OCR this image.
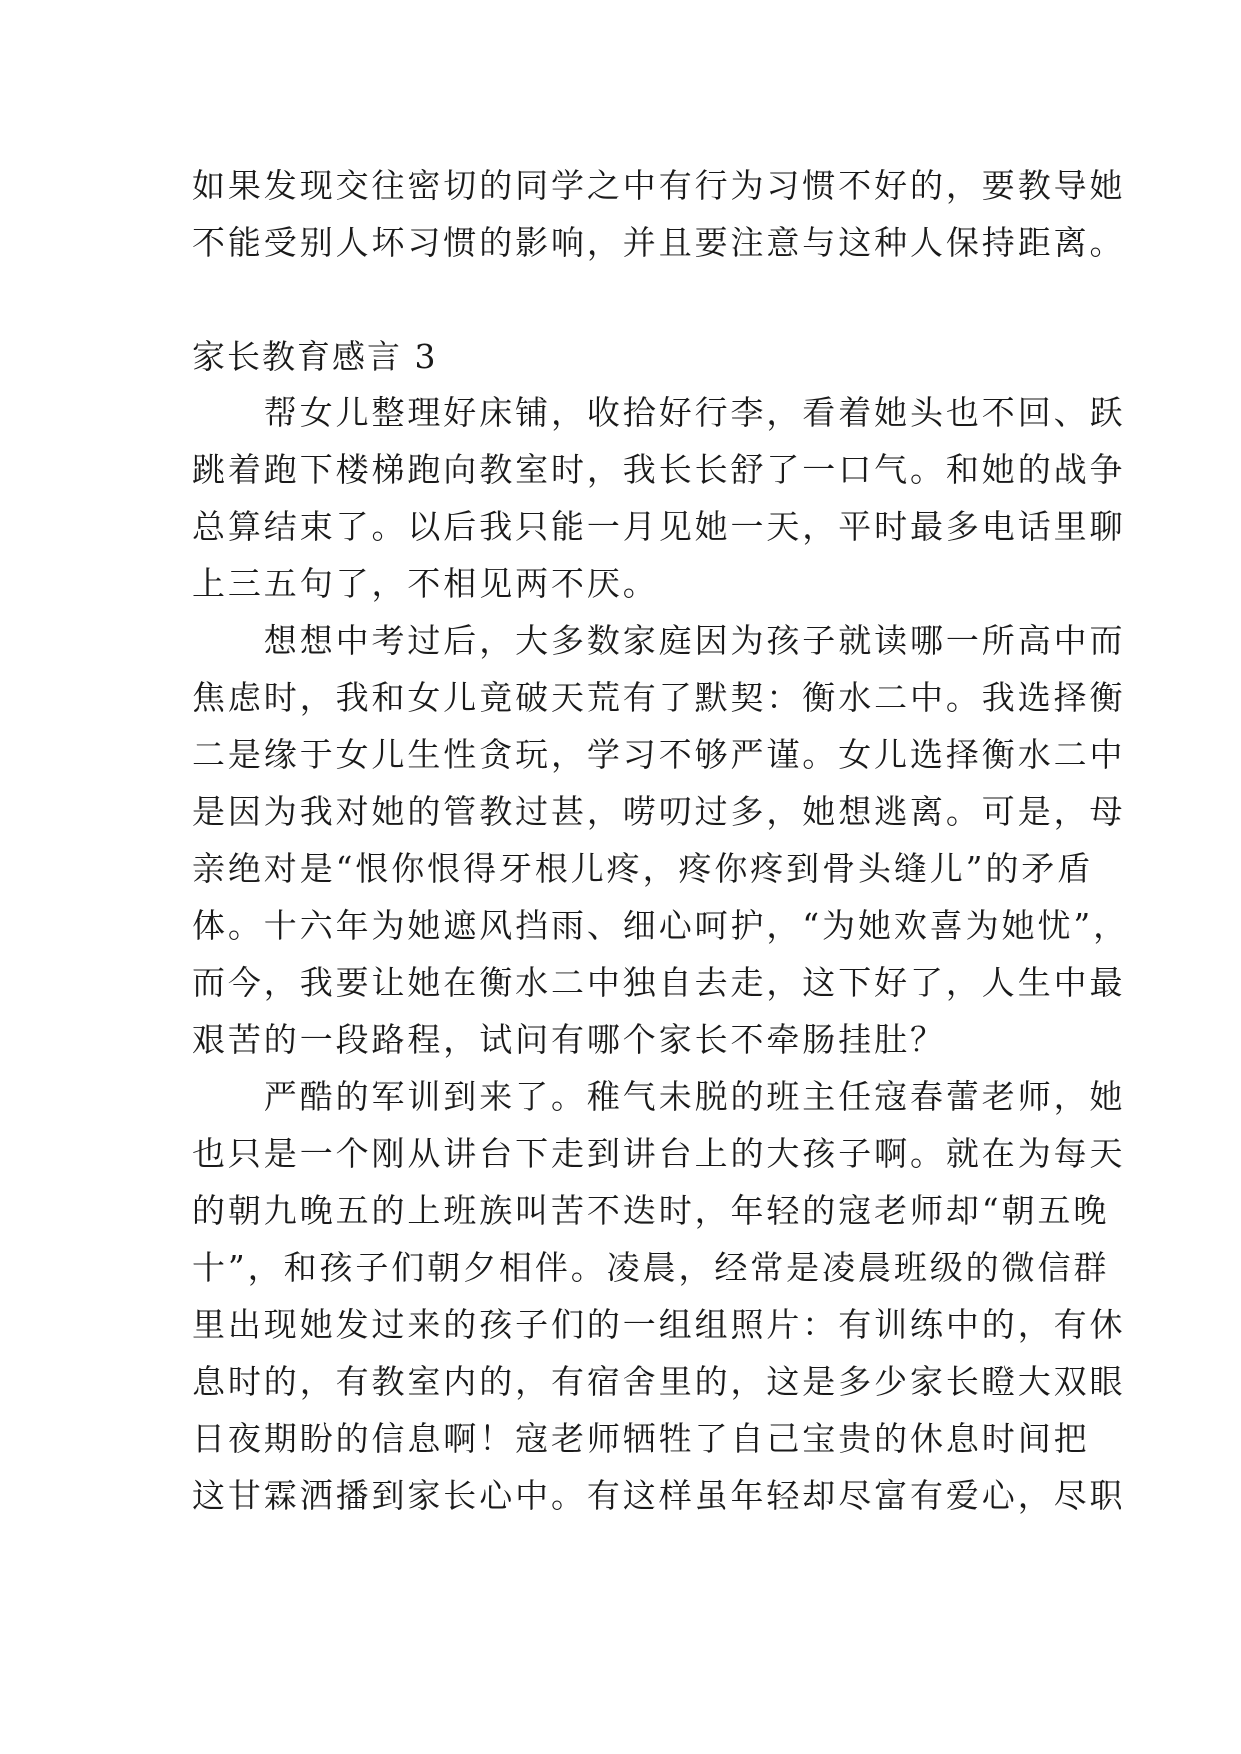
如果发现交往密切的同学之中有行为习惯不好的，要教导她
不能受别人坏习惯的影响，并且要注意与这种人保持距离。
家长教育感言 3
　　帮女儿整理好床铺，收拾好行李，看着她头也不回、跃
跳着跑下楼梯跑向教室时，我长长舒了一口气。和她的战争
总算结束了。以后我只能一月见她一天，平时最多电话里聊
上三五句了，不相见两不厌。
　　想想中考过后，大多数家庭因为孩子就读哪一所高中而
焦虑时，我和女儿竟破天荒有了默契：衡水二中。我选择衡
二是缘于女儿生性贪玩，学习不够严谨。女儿选择衡水二中
是因为我对她的管教过甚，唠叨过多，她想逃离。可是，母
亲绝对是“恨你恨得牙根儿疼，疼你疼到骨头缝儿”的矛盾
体。十六年为她遮风挡雨、细心呵护，“为她欢喜为她忧”，
而今，我要让她在衡水二中独自去走，这下好了，人生中最
艰苦的一段路程，试问有哪个家长不牵肠挂肚？
　　严酷的军训到来了。稚气未脱的班主任寇春蕾老师，她
也只是一个刚从讲台下走到讲台上的大孩子啊。就在为每天
的朝九晚五的上班族叫苦不迭时，年轻的寇老师却“朝五晚
十”，和孩子们朝夕相伴。凌晨，经常是凌晨班级的微信群
里出现她发过来的孩子们的一组组照片：有训练中的，有休
息时的，有教室内的，有宿舍里的，这是多少家长瞪大双眼
日夜期盼的信息啊！寇老师牺牲了自己宝贵的休息时间把
这甘霖洒播到家长心中。有这样虽年轻却尽富有爱心，尽职
